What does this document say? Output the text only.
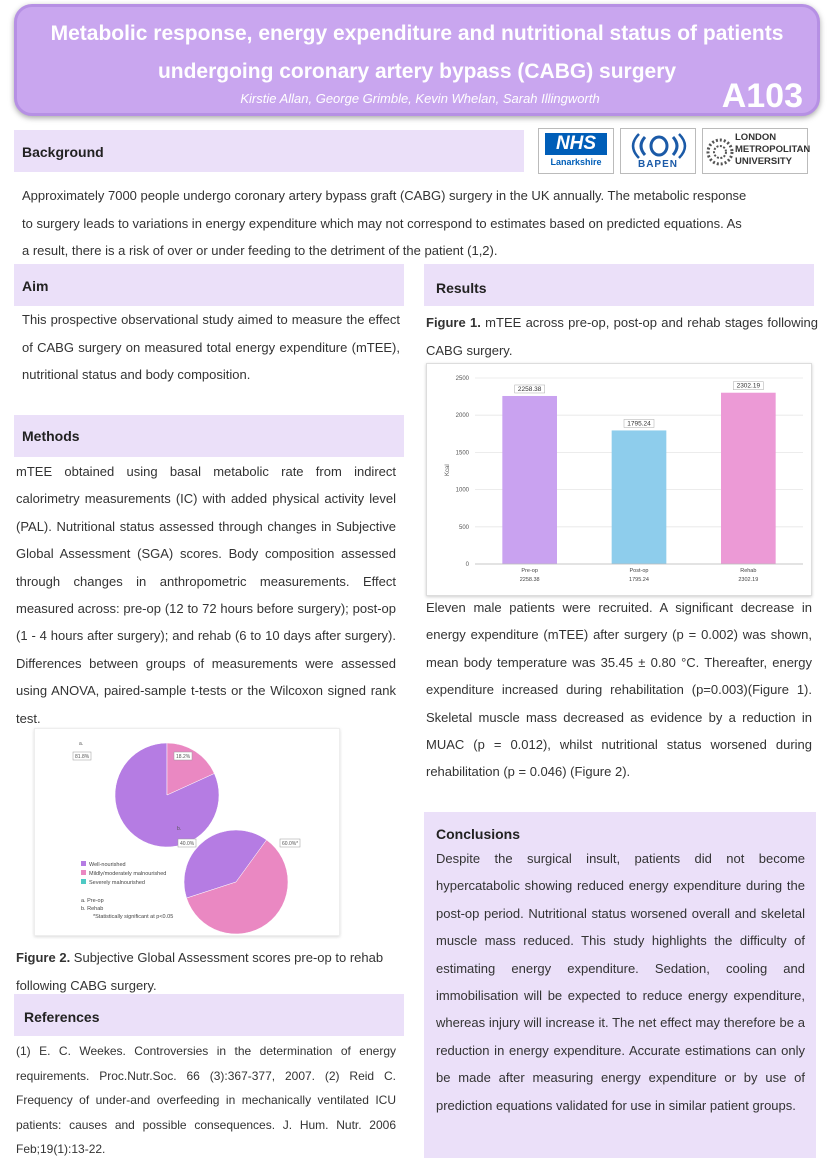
Metabolic response, energy expenditure and nutritional status of patients
undergoing coronary artery bypass (CABG) surgery
Kirstie Allan, George Grimble, Kevin Whelan, Sarah Illingworth	A103
Background	NHS
Lanarkshire	BAPEN
LONDON
METROPOLITAN
UNIVERSITY
Approximately 7000 people undergo coronary artery bypass graft (CABG) surgery in the UK annually. The metabolic response
to surgery leads to variations in energy expenditure which may not correspond to estimates based on predicted equations. As
a result, there is a risk of over or under feeding to the detriment of the patient (1,2).
Aim
This prospective observational study aimed to measure the effect of CABG surgery on measured total energy expenditure (mTEE), nutritional status and body composition.
Methods
mTEE obtained using basal metabolic rate from indirect calorimetry measurements (IC) with added physical activity level (PAL). Nutritional status assessed through changes in Subjective Global Assessment (SGA) scores. Body composition assessed through changes in anthropometric measurements. Effect measured across: pre-op (12 to 72 hours before surgery); post-op (1 - 4 hours after surgery); and rehab (6 to 10 days after surgery). Differences between groups of measurements were assessed using ANOVA, paired-sample t-tests or the Wilcoxon signed rank test.
a.
81.8%	18.2%
b.
40.0%	60.0%*
Well-nourished
Mildly/moderately malnourished
Severely malnourished
a. Pre-op
b. Rehab
*Statistically significant at p<0.05
Figure 2. Subjective Global Assessment scores pre-op to rehab following CABG surgery.
References
(1) E. C. Weekes. Controversies in the determination of energy requirements. Proc.Nutr.Soc. 66 (3):367-377, 2007. (2) Reid C. Frequency of under-and overfeeding in mechanically ventilated ICU patients: causes and possible consequences. J. Hum. Nutr. 2006 Feb;19(1):13-22.
Results
Figure 1. mTEE across pre-op, post-op and rehab stages following CABG surgery.
0
500
1000
1500
2000
2500
2258.38
1795.24
2302.19
Pre-op
2258.38
Post-op
1795.24
Rehab
2302.19
Kcal
Eleven male patients were recruited. A significant decrease in energy expenditure (mTEE) after surgery (p = 0.002) was shown, mean body temperature was 35.45 ± 0.80 °C. Thereafter, energy expenditure increased during rehabilitation (p=0.003)(Figure 1). Skeletal muscle mass decreased as evidence by a reduction in MUAC (p = 0.012), whilst nutritional status worsened during rehabilitation (p = 0.046) (Figure 2).
Conclusions
Despite the surgical insult, patients did not become hypercatabolic showing reduced energy expenditure during the post-op period. Nutritional status worsened overall and skeletal muscle mass reduced. This study highlights the difficulty of estimating energy expenditure. Sedation, cooling and immobilisation will be expected to reduce energy expenditure, whereas injury will increase it. The net effect may therefore be a reduction in energy expenditure. Accurate estimations can only be made after measuring energy expenditure or by use of prediction equations validated for use in similar patient groups.
